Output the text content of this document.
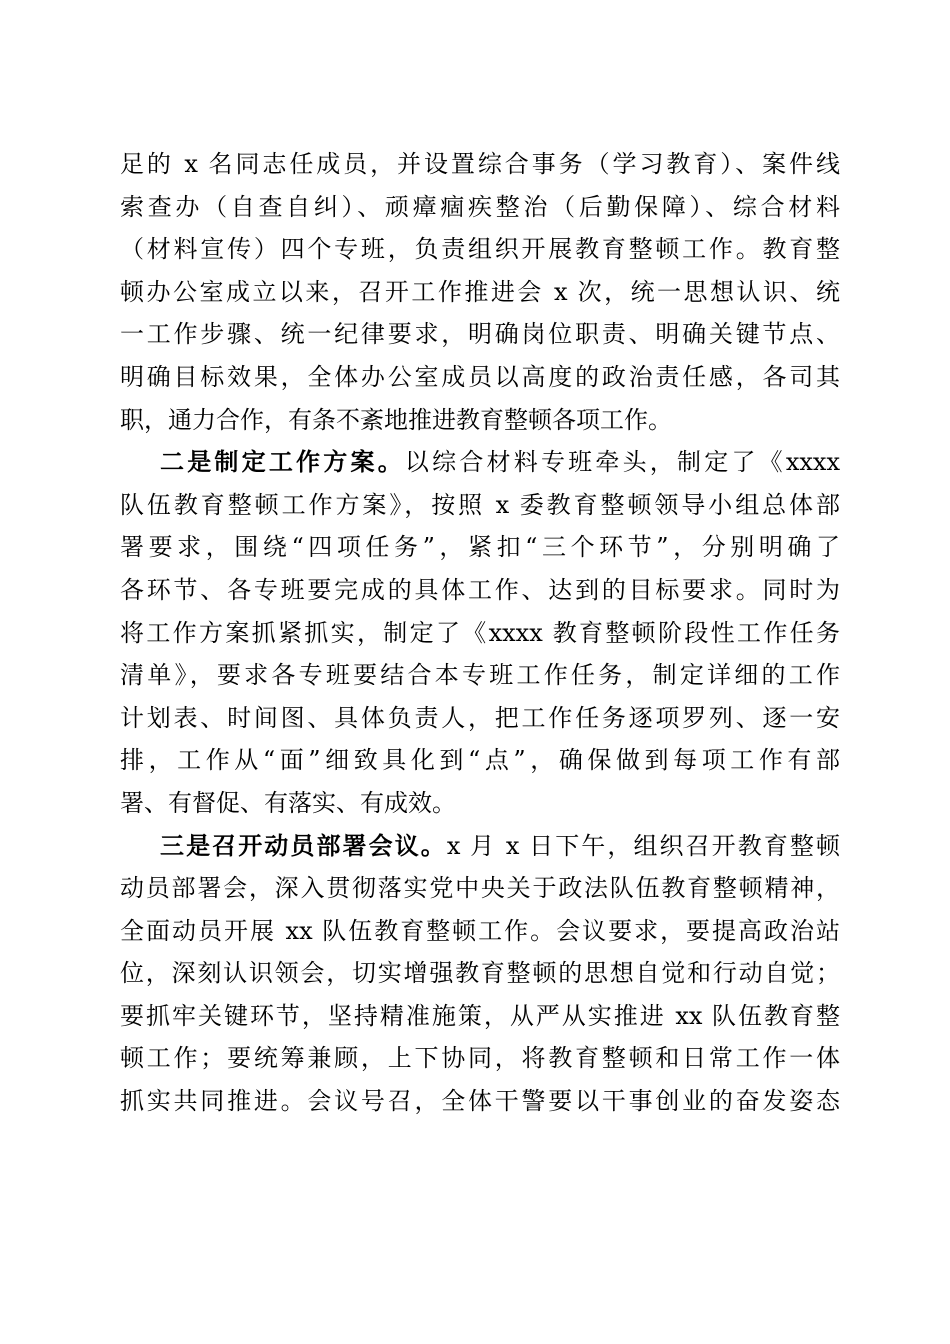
足的 x 名同志任成员，并设置综合事务（学习教育）、案件线
索查办（自查自纠）、顽瘴痼疾整治（后勤保障）、综合材料
（材料宣传）四个专班，负责组织开展教育整顿工作。教育整
顿办公室成立以来，召开工作推进会 x 次，统一思想认识、统
一工作步骤、统一纪律要求，明确岗位职责、明确关键节点、
明确目标效果，全体办公室成员以高度的政治责任感，各司其
职，通力合作，有条不紊地推进教育整顿各项工作。
二是制定工作方案。以综合材料专班牵头，制定了《xxxx
队伍教育整顿工作方案》，按照 x 委教育整顿领导小组总体部
署要求，围绕“四项任务”，紧扣“三个环节”，分别明确了
各环节、各专班要完成的具体工作、达到的目标要求。同时为
将工作方案抓紧抓实，制定了《xxxx 教育整顿阶段性工作任务
清单》，要求各专班要结合本专班工作任务，制定详细的工作
计划表、时间图、具体负责人，把工作任务逐项罗列、逐一安
排，工作从“面”细致具化到“点”，确保做到每项工作有部
署、有督促、有落实、有成效。
三是召开动员部署会议。x 月 x 日下午，组织召开教育整顿
动员部署会，深入贯彻落实党中央关于政法队伍教育整顿精神，
全面动员开展 xx 队伍教育整顿工作。会议要求，要提高政治站
位，深刻认识领会，切实增强教育整顿的思想自觉和行动自觉；
要抓牢关键环节，坚持精准施策，从严从实推进 xx 队伍教育整
顿工作；要统筹兼顾，上下协同，将教育整顿和日常工作一体
抓实共同推进。会议号召，全体干警要以干事创业的奋发姿态
